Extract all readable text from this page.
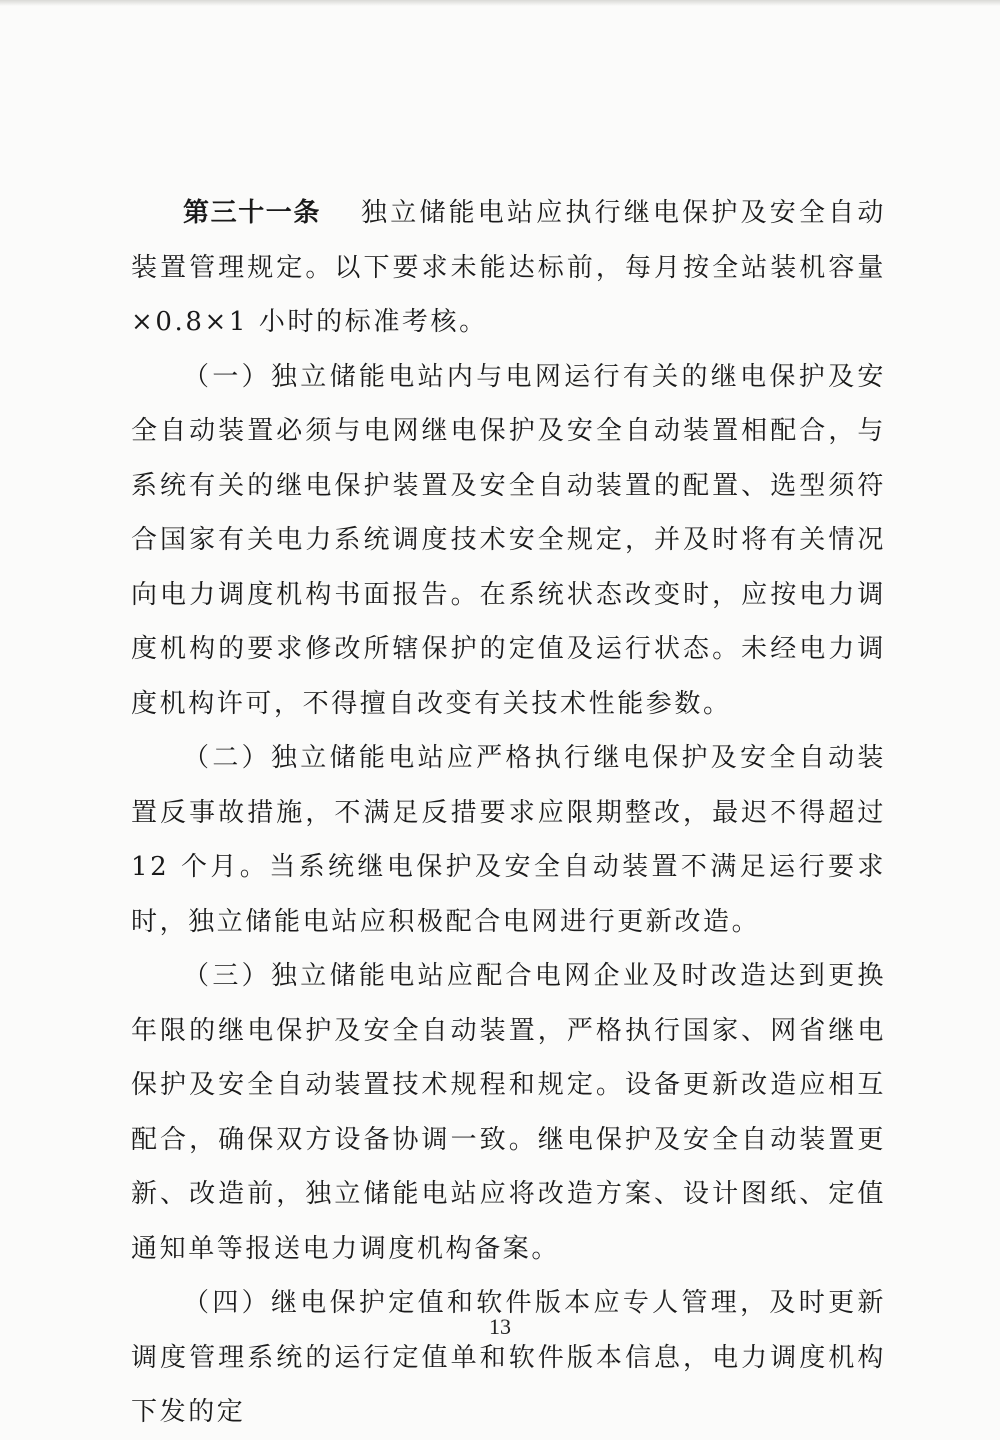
第三十一条 独立储能电站应执行继电保护及安全自动装置管理规定。以下要求未能达标前，每月按全站装机容量×0.8×1 小时的标准考核。

（一）独立储能电站内与电网运行有关的继电保护及安全自动装置必须与电网继电保护及安全自动装置相配合，与系统有关的继电保护装置及安全自动装置的配置、选型须符合国家有关电力系统调度技术安全规定，并及时将有关情况向电力调度机构书面报告。在系统状态改变时，应按电力调度机构的要求修改所辖保护的定值及运行状态。未经电力调度机构许可，不得擅自改变有关技术性能参数。

（二）独立储能电站应严格执行继电保护及安全自动装置反事故措施，不满足反措要求应限期整改，最迟不得超过 12 个月。当系统继电保护及安全自动装置不满足运行要求时，独立储能电站应积极配合电网进行更新改造。

（三）独立储能电站应配合电网企业及时改造达到更换年限的继电保护及安全自动装置，严格执行国家、网省继电保护及安全自动装置技术规程和规定。设备更新改造应相互配合，确保双方设备协调一致。继电保护及安全自动装置更新、改造前，独立储能电站应将改造方案、设计图纸、定值通知单等报送电力调度机构备案。

（四）继电保护定值和软件版本应专人管理，及时更新调度管理系统的运行定值单和软件版本信息，电力调度机构下发的定

13
